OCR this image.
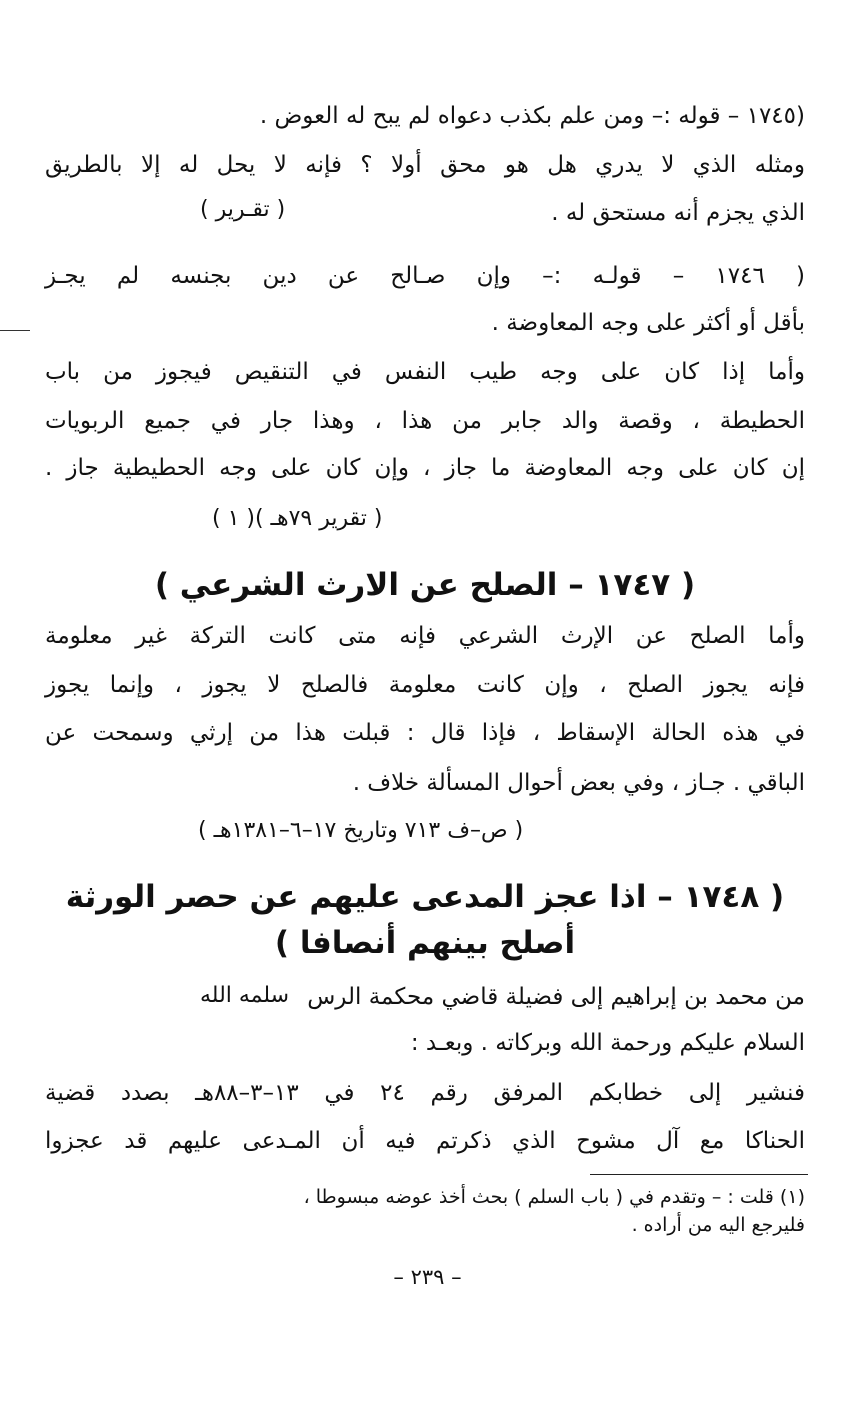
(١٧٤٥ – قوله :– ومن علم بكذب دعواه لم يبح له العوض .
ومثله الذي لا يدري هل هو محق أولا ؟ فإنه لا يحل له إلا بالطريق
الذي يجزم أنه مستحق له .
( تقـرير )
( ١٧٤٦ – قولـه :– وإن صـالح عن دين بجنسه لم يجـز
بأقل أو أكثر على وجه المعاوضة .
وأما إذا كان على وجه طيب النفس في التنقيص فيجوز من باب
الحطيطة ، وقصة والد جابر من هذا ، وهذا جار في جميع الربويات
إن كان على وجه المعاوضة ما جاز ، وإن كان على وجه الحطيطية جاز .
( تقرير ٧٩هـ )( ١ )
( ١٧٤٧ – الصلح عن الارث الشرعي )
وأما الصلح عن الإرث الشرعي فإنه متى كانت التركة غير معلومة
فإنه يجوز الصلح ، وإن كانت معلومة فالصلح لا يجوز ، وإنما يجوز
في هذه الحالة الإسقاط ، فإذا قال : قبلت هذا من إرثي وسمحت عن
الباقي . جـاز ، وفي بعض أحوال المسألة خلاف .
( ص–ف ٧١٣ وتاريخ ١٧–٦–١٣٨١هـ )
( ١٧٤٨ – اذا عجز المدعى عليهم عن حصر الورثة
أصلح بينهم أنصافا )
من محمد بن إبراهيم إلى فضيلة قاضي محكمة الرس
سلمه الله
السلام عليكم ورحمة الله وبركاته . وبعـد :
فنشير إلى خطابكم المرفق رقم ٢٤ في ١٣–٣–٨٨هـ بصدد قضية
الحناكا مع آل مشوح الذي ذكرتم فيه أن المـدعى عليهم قد عجزوا
(١) قلت : – وتقدم في ( باب السلم ) بحث أخذ عوضه مبسوطا ،
فليرجع اليه من أراده .
– ٢٣٩ –
